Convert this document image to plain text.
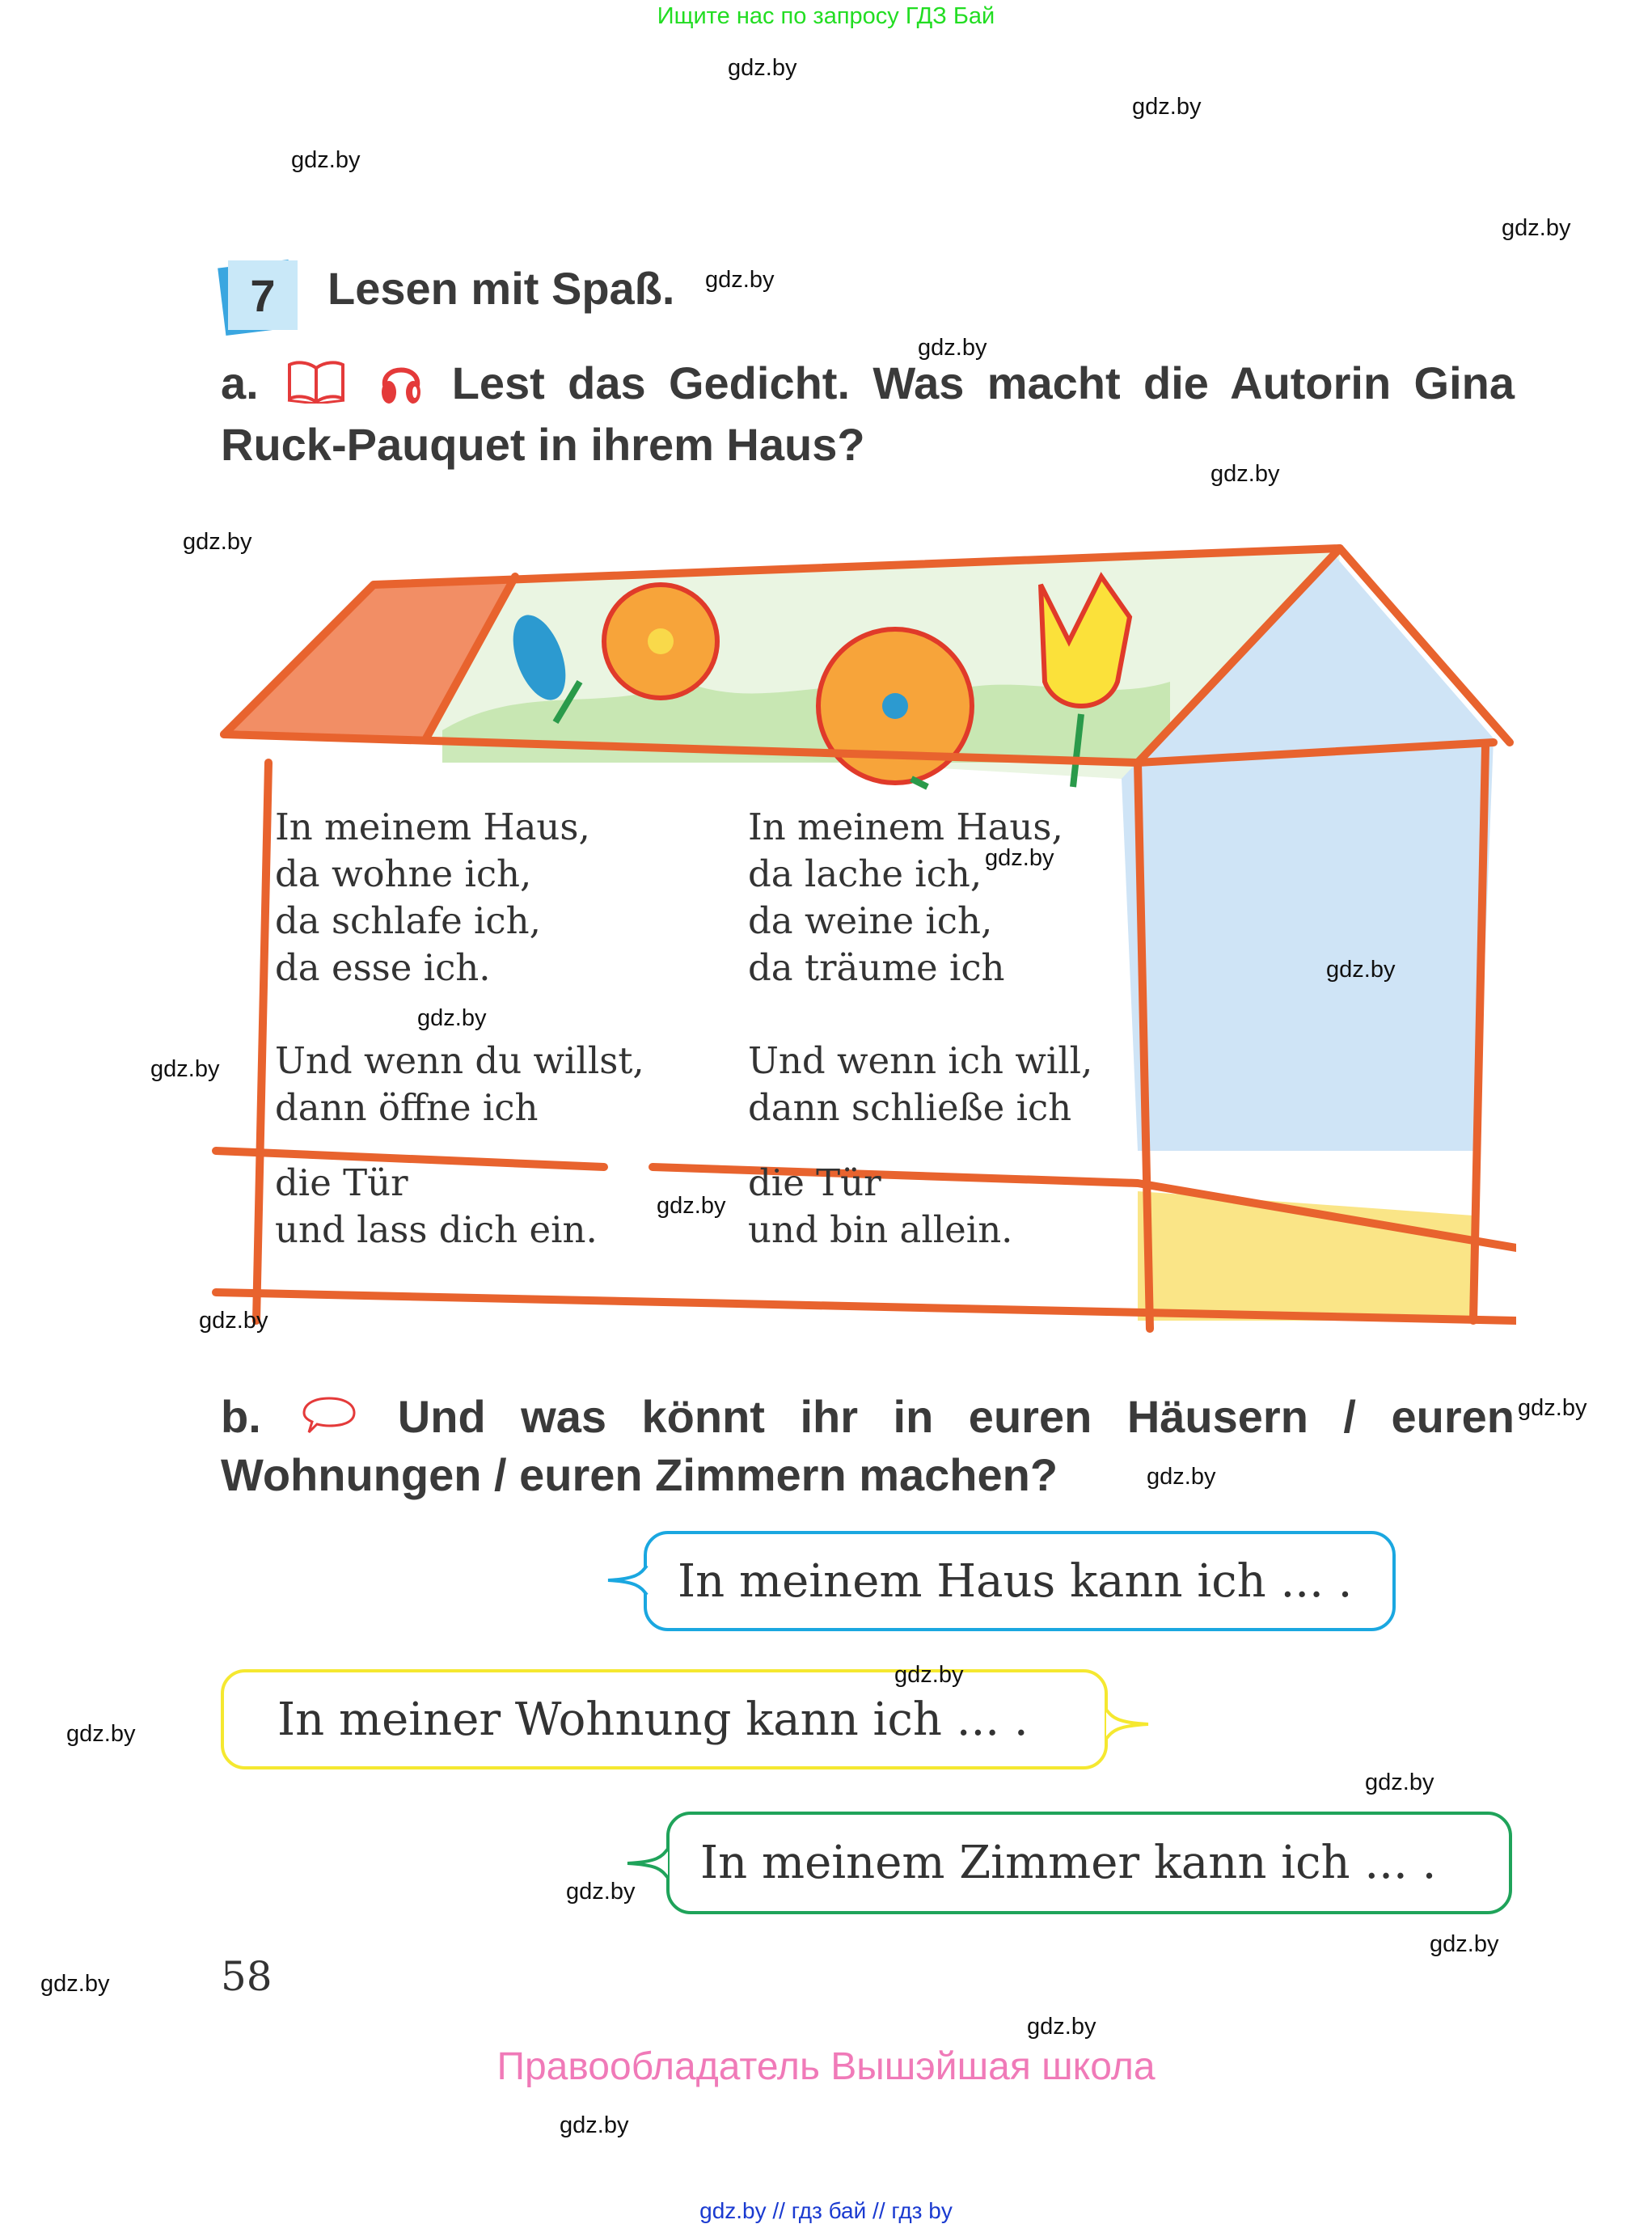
Ищите нас по запросу ГДЗ Бай
gdz.by
gdz.by
gdz.by
gdz.by
gdz.by
gdz.by
gdz.by
gdz.by
gdz.by
gdz.by
gdz.by
gdz.by
gdz.by
gdz.by
gdz.by
gdz.by
gdz.by
gdz.by
gdz.by
gdz.by
gdz.by
gdz.by
gdz.by
gdz.by
7	Lesen mit Spaß.
a.	Lest das Gedicht. Was macht die Autorin Gina
Ruck-Pauquet in ihrem Haus?
In meinem Haus,
da wohne ich,
da schlafe ich,
da esse ich.
Und wenn du willst,
dann öffne ich
die Tür
und lass dich ein.
In meinem Haus,
da lache ich,
da weine ich,
da träume ich
Und wenn ich will,
dann schließe ich
die Tür
und bin allein.
b.	Und was könnt ihr in euren Häusern / euren
Wohnungen / euren Zimmern machen?
In meinem Haus kann ich ... .
In meiner Wohnung kann ich ... .
In meinem Zimmer kann ich ... .
58
Правообладатель Вышэйшая школа
gdz.by // гдз бай // гдз by
